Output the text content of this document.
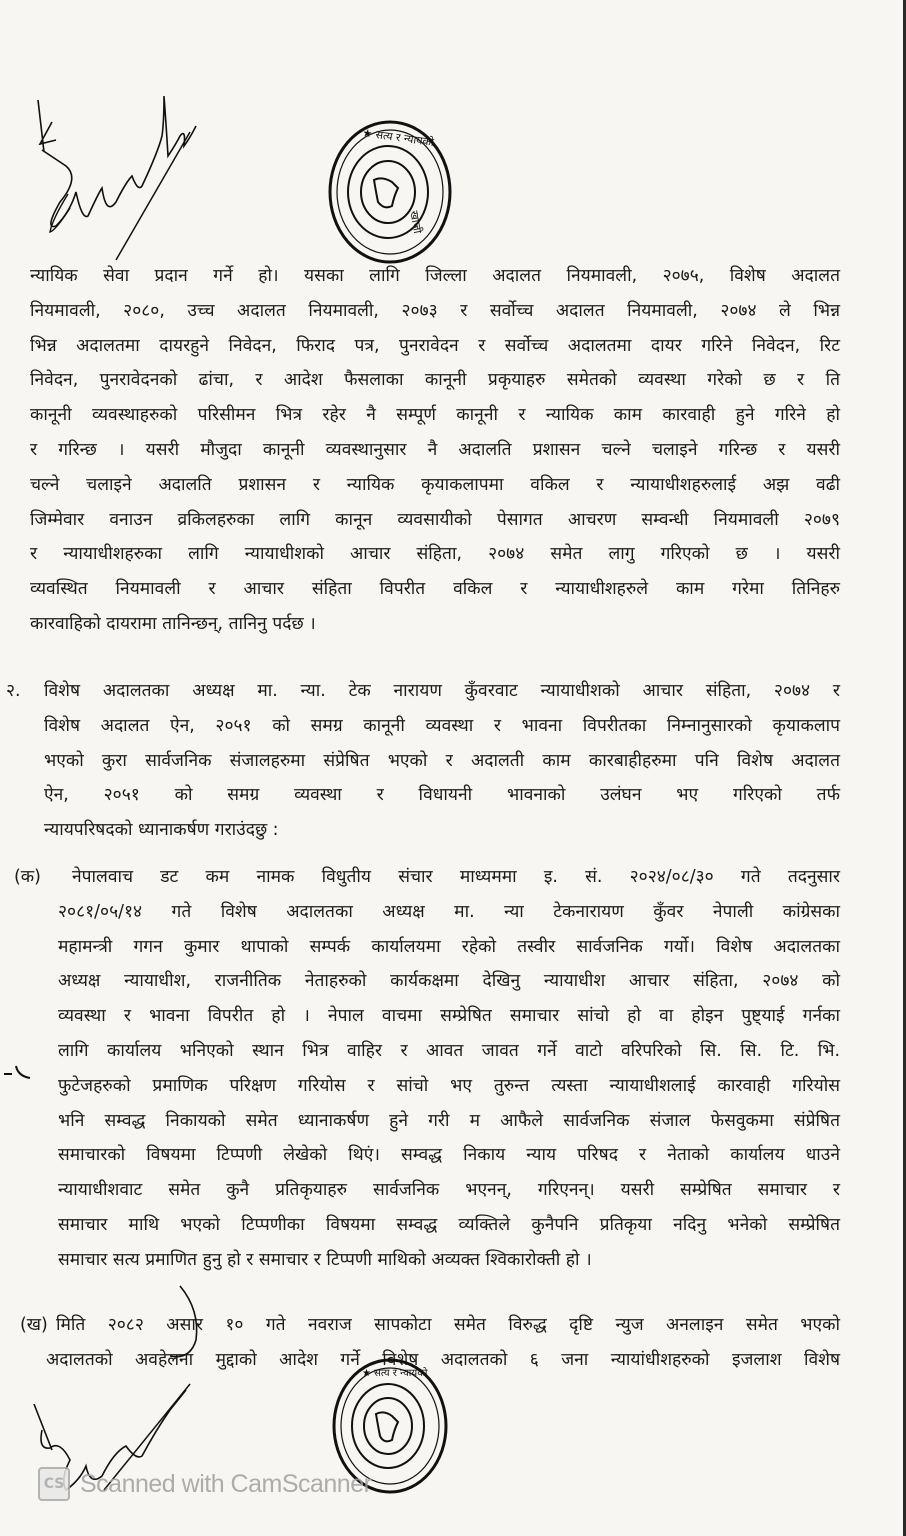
★ सत्य र न्यायको
खोजी
न्यायिक सेवा प्रदान गर्ने हो। यसका लागि जिल्ला अदालत नियमावली, २०७५, विशेष अदालत
नियमावली, २०८०, उच्च अदालत नियमावली, २०७३ र सर्वोच्च अदालत नियमावली, २०७४ ले भिन्न
भिन्न अदालतमा दायरहुने निवेदन, फिराद पत्र, पुनरावेदन र सर्वोच्च अदालतमा दायर गरिने निवेदन, रिट
निवेदन, पुनरावेदनको ढांचा, र आदेश फैसलाका कानूनी प्रकृयाहरु समेतको व्यवस्था गरेको छ र ति
कानूनी व्यवस्थाहरुको परिसीमन भित्र रहेर नै सम्पूर्ण कानूनी र न्यायिक काम कारवाही हुने गरिने हो
र गरिन्छ । यसरी मौजुदा कानूनी व्यवस्थानुसार नै अदालति प्रशासन चल्ने चलाइने गरिन्छ र यसरी
चल्ने चलाइने अदालति प्रशासन र न्यायिक कृयाकलापमा वकिल र न्यायाधीशहरुलाई अझ वढी
जिम्मेवार वनाउन व्रकिलहरुका लागि कानून व्यवसायीको पेसागत आचरण सम्वन्धी नियमावली २०७९
र न्यायाधीशहरुका लागि न्यायाधीशको आचार संहिता, २०७४ समेत लागु गरिएको छ । यसरी
व्यवस्थित नियमावली र आचार संहिता विपरीत वकिल र न्यायाधीशहरुले काम गरेमा तिनिहरु
कारवाहिको दायरामा तानिन्छन्, तानिनु पर्दछ ।
२. विशेष अदालतका अध्यक्ष मा. न्या. टेक नारायण कुँवरवाट न्यायाधीशको आचार संहिता, २०७४ र
विशेष अदालत ऐन, २०५१ को समग्र कानूनी व्यवस्था र भावना विपरीतका निम्नानुसारको कृयाकलाप
भएको कुरा सार्वजनिक संजालहरुमा संप्रेषित भएको र अदालती काम कारबाहीहरुमा पनि विशेष अदालत
ऐन, २०५१ को समग्र व्यवस्था र विधायनी भावनाको उलंघन भए गरिएको तर्फ
न्यायपरिषदको ध्यानाकर्षण गराउंदछु :
(क) नेपालवाच डट कम नामक विधुतीय संचार माध्यममा इ. सं. २०२४/०८/३० गते तदनुसार
२०८१/०५/१४ गते विशेष अदालतका अध्यक्ष मा. न्या टेकनारायण कुँवर नेपाली कांग्रेसका
महामन्त्री गगन कुमार थापाको सम्पर्क कार्यालयमा रहेको तस्वीर सार्वजनिक गर्यो। विशेष अदालतका
अध्यक्ष न्यायाधीश, राजनीतिक नेताहरुको कार्यकक्षमा देखिनु न्यायाधीश आचार संहिता, २०७४ को
व्यवस्था र भावना विपरीत हो । नेपाल वाचमा सम्प्रेषित समाचार सांचो हो वा होइन पुष्ट्याई गर्नका
लागि कार्यालय भनिएको स्थान भित्र वाहिर र आवत जावत गर्ने वाटो वरिपरिको सि. सि. टि. भि.
फुटेजहरुको प्रमाणिक परिक्षण गरियोस र सांचो भए तुरुन्त त्यस्ता न्यायाधीशलाई कारवाही गरियोस
भनि सम्वद्ध निकायको समेत ध्यानाकर्षण हुने गरी म आफैले सार्वजनिक संजाल फेसवुकमा संप्रेषित
समाचारको विषयमा टिप्पणी लेखेको थिएं। सम्वद्ध निकाय न्याय परिषद र नेताको कार्यालय धाउने
न्यायाधीशवाट समेत कुनै प्रतिकृयाहरु सार्वजनिक भएनन्, गरिएनन्। यसरी सम्प्रेषित समाचार र
समाचार माथि भएको टिप्पणीका विषयमा सम्वद्ध व्यक्तिले कुनैपनि प्रतिकृया नदिनु भनेको सम्प्रेषित
समाचार सत्य प्रमाणित हुनु हो र समाचार र टिप्पणी माथिको अव्यक्त श्विकारोक्ती हो ।
(ख) मिति २०८२ असार १० गते नवराज सापकोटा समेत विरुद्ध दृष्टि न्युज अनलाइन समेत भएको
अदालतको अवहेलना मुद्दाको आदेश गर्ने विशेष अदालतको ६ जना न्यायांधीशहरुको इजलाश विशेष
★ सत्य र न्यायको
CS Scanned with CamScanner
